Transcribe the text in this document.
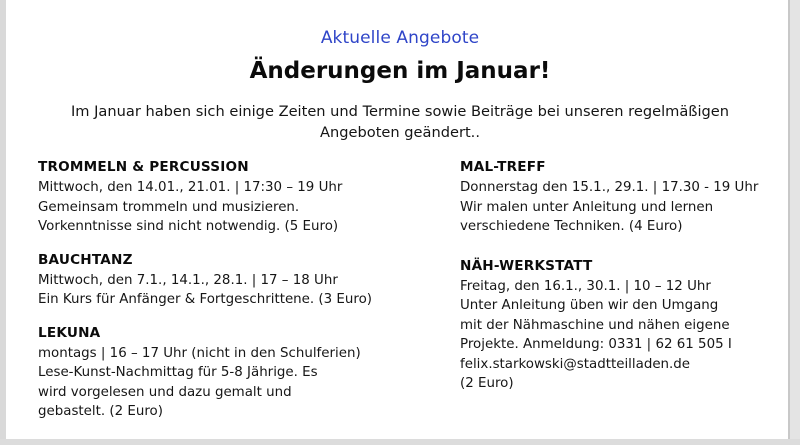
Aktuelle Angebote
Änderungen im Januar!
Im Januar haben sich einige Zeiten und Termine sowie Beiträge bei unseren regelmäßigen Angeboten geändert..
TROMMELN & PERCUSSION

Mittwoch, den 14.01., 21.01. | 17:30 – 19 Uhr
Gemeinsam trommeln und musizieren.
Vorkenntnisse sind nicht notwendig. (5 Euro)

BAUCHTANZ

Mittwoch, den 7.1., 14.1., 28.1. | 17 – 18 Uhr
Ein Kurs für Anfänger & Fortgeschrittene. (3 Euro)

LEKUNA

montags | 16 – 17 Uhr (nicht in den Schulferien)
Lese-Kunst-Nachmittag für 5-8 Jährige. Es
wird vorgelesen und dazu gemalt und
gebastelt. (2 Euro)

MAL-TREFF

Donnerstag den 15.1., 29.1. | 17.30 - 19 Uhr
Wir malen unter Anleitung und lernen
verschiedene Techniken. (4 Euro)

NÄH-WERKSTATT

Freitag, den 16.1., 30.1. | 10 – 12 Uhr
Unter Anleitung üben wir den Umgang
mit der Nähmaschine und nähen eigene
Projekte. Anmeldung: 0331 | 62 61 505 I
felix.starkowski@stadtteilladen.de
(2 Euro)
